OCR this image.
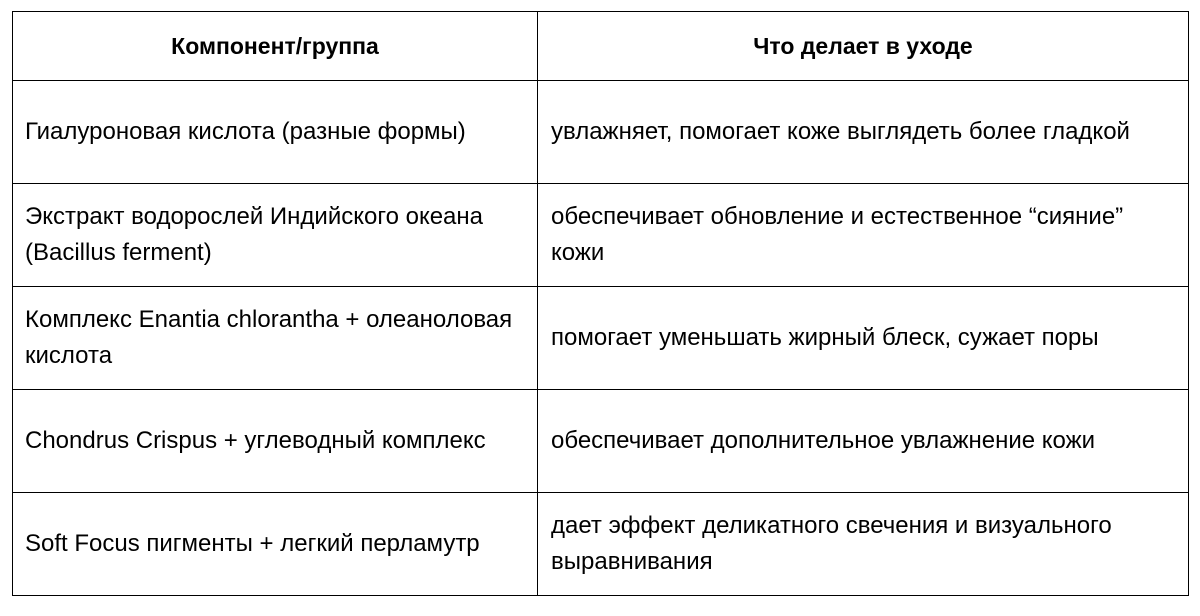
Компонент/группа	Что делает в уходе
Гиалуроновая кислота (разные формы)	увлажняет, помогает коже выглядеть более гладкой
Экстракт водорослей Индийского океана (Bacillus ferment)	обеспечивает обновление и естественное “сияние” кожи
Комплекс Enantia chlorantha + олеаноловая кислота	помогает уменьшать жирный блеск, сужает поры
Chondrus Crispus + углеводный комплекс	обеспечивает дополнительное увлажнение кожи
Soft Focus пигменты + легкий перламутр	дает эффект деликатного свечения и визуального выравнивания
